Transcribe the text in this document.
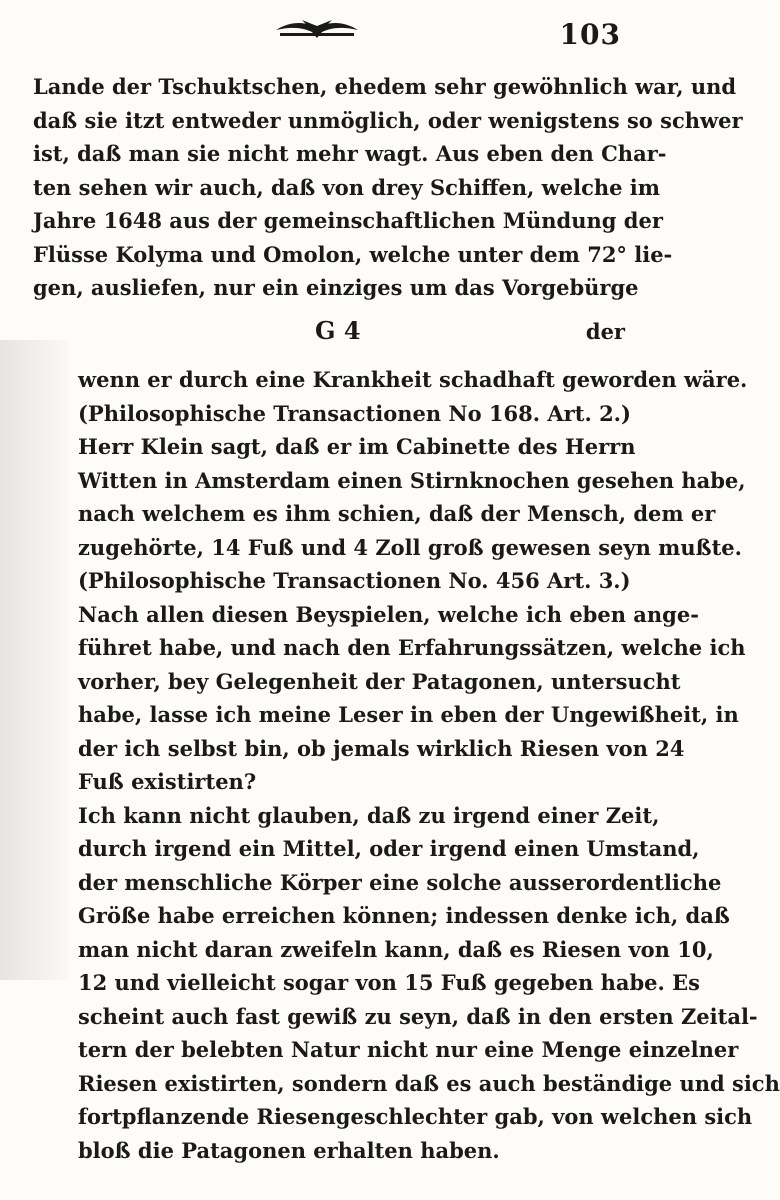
103
Lande der Tschuktschen, ehedem sehr gewöhnlich war, und
daß sie itzt entweder unmöglich, oder wenigstens so schwer
ist, daß man sie nicht mehr wagt. Aus eben den Char-
ten sehen wir auch, daß von drey Schiffen, welche im
Jahre 1648 aus der gemeinschaftlichen Mündung der
Flüsse Kolyma und Omolon, welche unter dem 72° lie-
gen, ausliefen, nur ein einziges um das Vorgebürge
G 4	der
wenn er durch eine Krankheit schadhaft geworden wäre.
(Philosophische Transactionen No 168. Art. 2.)
Herr Klein sagt, daß er im Cabinette des Herrn
Witten in Amsterdam einen Stirnknochen gesehen habe,
nach welchem es ihm schien, daß der Mensch, dem er
zugehörte, 14 Fuß und 4 Zoll groß gewesen seyn mußte.
(Philosophische Transactionen No. 456 Art. 3.)
Nach allen diesen Beyspielen, welche ich eben ange-
führet habe, und nach den Erfahrungssätzen, welche ich
vorher, bey Gelegenheit der Patagonen, untersucht
habe, lasse ich meine Leser in eben der Ungewißheit, in
der ich selbst bin, ob jemals wirklich Riesen von 24
Fuß existirten?
Ich kann nicht glauben, daß zu irgend einer Zeit,
durch irgend ein Mittel, oder irgend einen Umstand,
der menschliche Körper eine solche ausserordentliche
Größe habe erreichen können; indessen denke ich, daß
man nicht daran zweifeln kann, daß es Riesen von 10,
12 und vielleicht sogar von 15 Fuß gegeben habe. Es
scheint auch fast gewiß zu seyn, daß in den ersten Zeital-
tern der belebten Natur nicht nur eine Menge einzelner
Riesen existirten, sondern daß es auch beständige und sich
fortpflanzende Riesengeschlechter gab, von welchen sich
bloß die Patagonen erhalten haben.
